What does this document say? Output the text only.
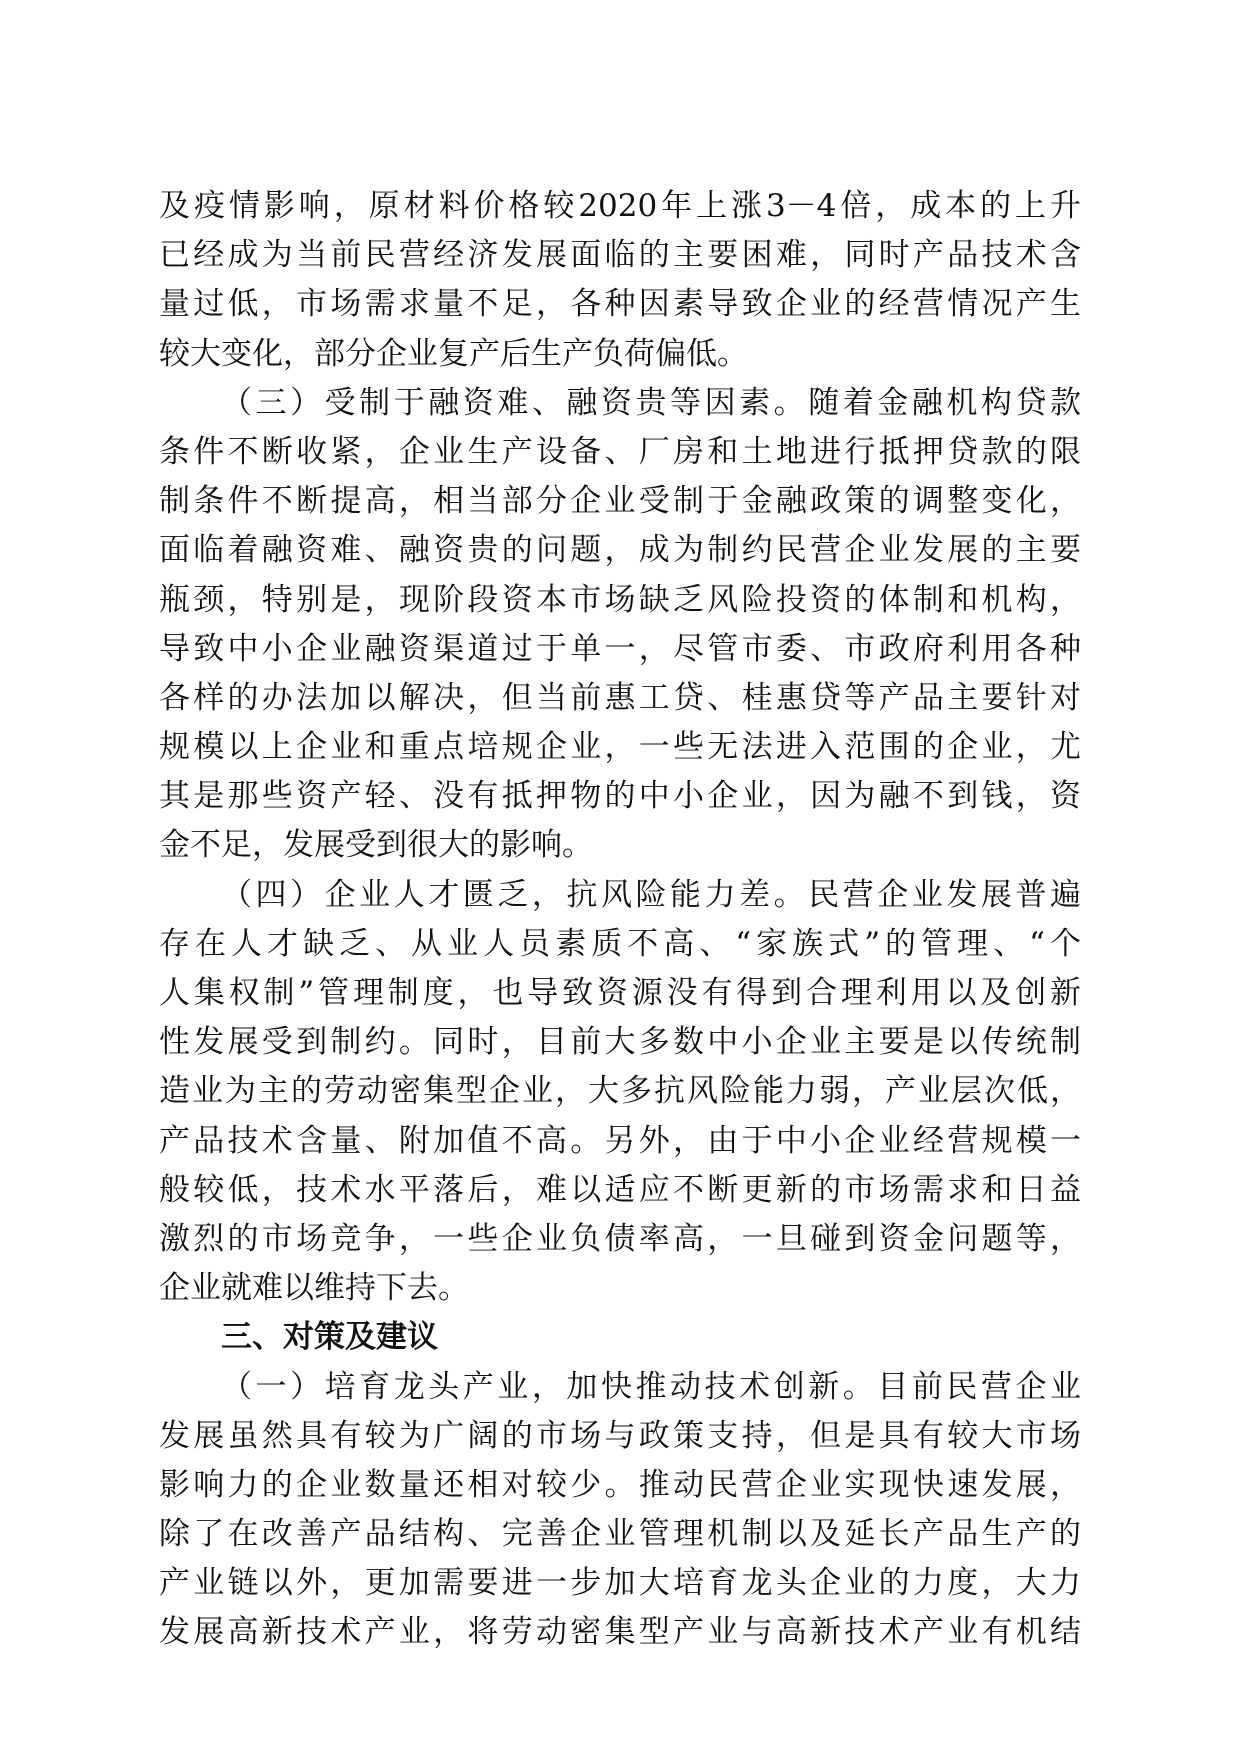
及疫情影响，原材料价格较2020年上涨3－4倍，成本的上升
已经成为当前民营经济发展面临的主要困难，同时产品技术含
量过低，市场需求量不足，各种因素导致企业的经营情况产生
较大变化，部分企业复产后生产负荷偏低。
（三）受制于融资难、融资贵等因素。随着金融机构贷款
条件不断收紧，企业生产设备、厂房和土地进行抵押贷款的限
制条件不断提高，相当部分企业受制于金融政策的调整变化，
面临着融资难、融资贵的问题，成为制约民营企业发展的主要
瓶颈，特别是，现阶段资本市场缺乏风险投资的体制和机构，
导致中小企业融资渠道过于单一，尽管市委、市政府利用各种
各样的办法加以解决，但当前惠工贷、桂惠贷等产品主要针对
规模以上企业和重点培规企业，一些无法进入范围的企业，尤
其是那些资产轻、没有抵押物的中小企业，因为融不到钱，资
金不足，发展受到很大的影响。
（四）企业人才匮乏，抗风险能力差。民营企业发展普遍
存在人才缺乏、从业人员素质不高、“家族式”的管理、“个
人集权制”管理制度，也导致资源没有得到合理利用以及创新
性发展受到制约。同时，目前大多数中小企业主要是以传统制
造业为主的劳动密集型企业，大多抗风险能力弱，产业层次低，
产品技术含量、附加值不高。另外，由于中小企业经营规模一
般较低，技术水平落后，难以适应不断更新的市场需求和日益
激烈的市场竞争，一些企业负债率高，一旦碰到资金问题等，
企业就难以维持下去。
三、对策及建议
（一）培育龙头产业，加快推动技术创新。目前民营企业
发展虽然具有较为广阔的市场与政策支持，但是具有较大市场
影响力的企业数量还相对较少。推动民营企业实现快速发展，
除了在改善产品结构、完善企业管理机制以及延长产品生产的
产业链以外，更加需要进一步加大培育龙头企业的力度，大力
发展高新技术产业，将劳动密集型产业与高新技术产业有机结
